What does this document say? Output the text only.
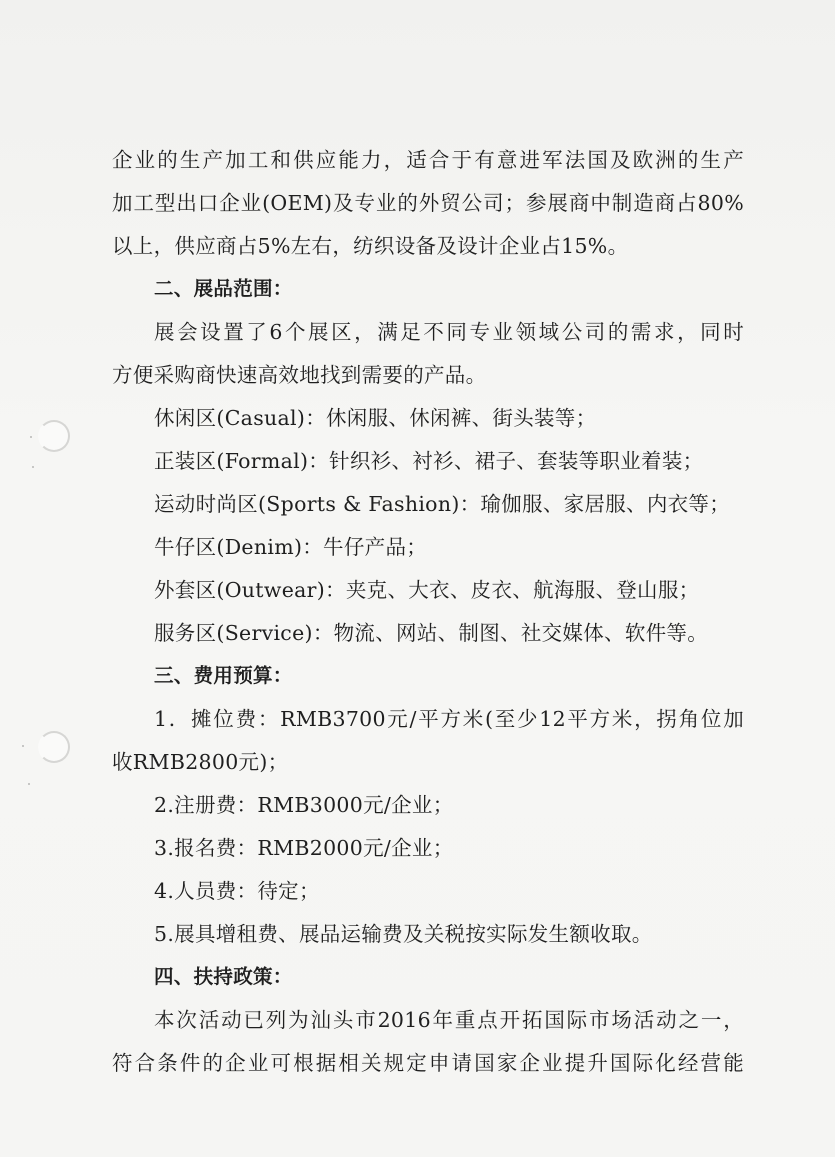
企业的生产加工和供应能力，适合于有意进军法国及欧洲的生产
加工型出口企业(OEM)及专业的外贸公司；参展商中制造商占80%
以上，供应商占5%左右，纺织设备及设计企业占15%。
二、展品范围：
展会设置了6个展区，满足不同专业领域公司的需求，同时
方便采购商快速高效地找到需要的产品。
休闲区(Casual)：休闲服、休闲裤、街头装等；
正装区(Formal)：针织衫、衬衫、裙子、套装等职业着装；
运动时尚区(Sports & Fashion)：瑜伽服、家居服、内衣等；
牛仔区(Denim)：牛仔产品；
外套区(Outwear)：夹克、大衣、皮衣、航海服、登山服；
服务区(Service)：物流、网站、制图、社交媒体、软件等。
三、费用预算：
1．摊位费：RMB3700元/平方米(至少12平方米，拐角位加
收RMB2800元)；
2.注册费：RMB3000元/企业；
3.报名费：RMB2000元/企业；
4.人员费：待定；
5.展具增租费、展品运输费及关税按实际发生额收取。
四、扶持政策：
本次活动已列为汕头市2016年重点开拓国际市场活动之一，
符合条件的企业可根据相关规定申请国家企业提升国际化经营能
